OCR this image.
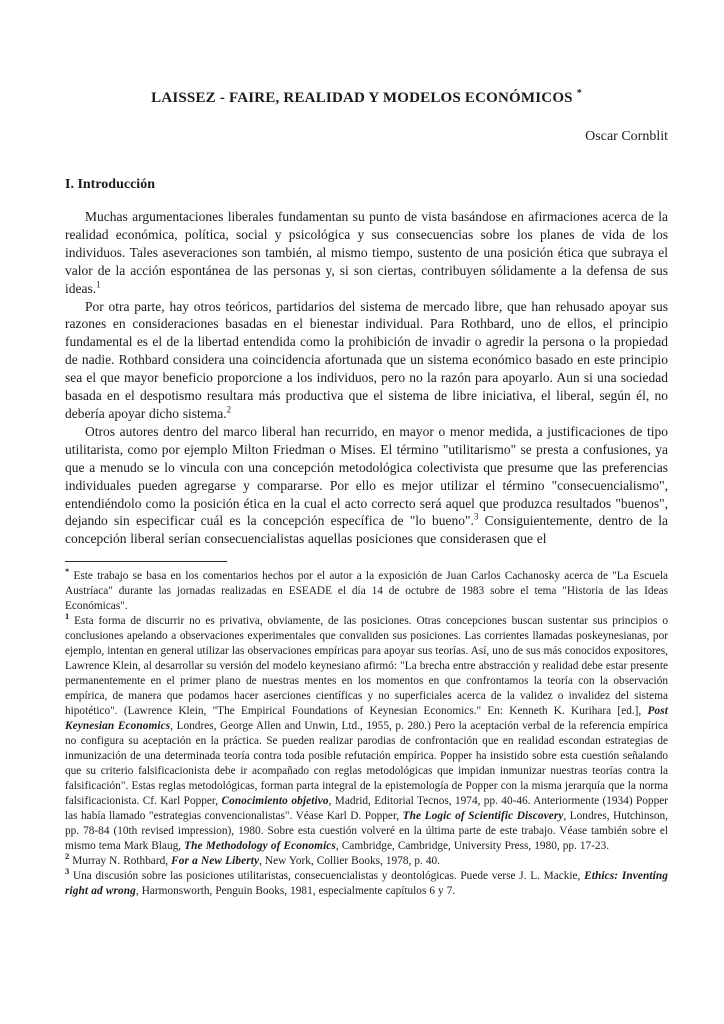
LAISSEZ - FAIRE, REALIDAD Y MODELOS ECONÓMICOS *
Oscar Cornblit
I. Introducción

Muchas argumentaciones liberales fundamentan su punto de vista basándose en afirmaciones acerca de la realidad económica, política, social y psicológica y sus consecuencias sobre los planes de vida de los individuos. Tales aseveraciones son también, al mismo tiempo, sustento de una posición ética que subraya el valor de la acción espontánea de las personas y, si son ciertas, contribuyen sólidamente a la defensa de sus ideas.$^1$

Por otra parte, hay otros teóricos, partidarios del sistema de mercado libre, que han rehusado apoyar sus razones en consideraciones basadas en el bienestar individual. Para Rothbard, uno de ellos, el principio fundamental es el de la libertad entendida como la prohibición de invadir o agredir la persona o la propiedad de nadie. Rothbard considera una coincidencia afortunada que un sistema económico basado en este principio sea el que mayor beneficio proporcione a los individuos, pero no la razón para apoyarlo. Aun si una sociedad basada en el despotismo resultara más productiva que el sistema de libre iniciativa, el liberal, según él, no debería apoyar dicho sistema.$^2$

Otros autores dentro del marco liberal han recurrido, en mayor o menor medida, a justificaciones de tipo utilitarista, como por ejemplo Milton Friedman o Mises. El término "utilitarismo" se presta a confusiones, ya que a menudo se lo vincula con una concepción metodológica colectivista que presume que las preferencias individuales pueden agregarse y compararse. Por ello es mejor utilizar el término "consecuencialismo", entendiéndolo como la posición ética en la cual el acto correcto será aquel que produzca resultados "buenos", dejando sin especificar cuál es la concepción específica de "lo bueno".$^3$ Consiguientemente, dentro de la concepción liberal serían consecuencialistas aquellas posiciones que considerasen que el

* Este trabajo se basa en los comentarios hechos por el autor a la exposición de Juan Carlos Cachanosky acerca de "La Escuela Austríaca" durante las jornadas realizadas en ESEADE el día 14 de octubre de 1983 sobre el tema "Historia de las Ideas Económicas".

$^1$ Esta forma de discurrir no es privativa, obviamente, de las posiciones. Otras concepciones buscan sustentar sus principios o conclusiones apelando a observaciones experimentales que convaliden sus posiciones. Las corrientes llamadas poskeynesianas, por ejemplo, intentan en general utilizar las observaciones empíricas para apoyar sus teorías. Así, uno de sus más conocidos expositores, Lawrence Klein, al desarrollar su versión del modelo keynesiano afirmó: "La brecha entre abstracción y realidad debe estar presente permanentemente en el primer plano de nuestras mentes en los momentos en que confrontamos la teoría con la observación empírica, de manera que podamos hacer aserciones científicas y no superficiales acerca de la validez o invalidez del sistema hipotético". (Lawrence Klein, "The Empirical Foundations of Keynesian Economics." En: Kenneth K. Kurihara [ed.], Post Keynesian Economics, Londres, George Allen and Unwin, Ltd., 1955, p. 280.) Pero la aceptación verbal de la referencia empírica no configura su aceptación en la práctica. Se pueden realizar parodias de confrontación que en realidad escondan estrategias de inmunización de una determinada teoría contra toda posible refutación empírica. Popper ha insistido sobre esta cuestión señalando que su criterio falsificacionista debe ir acompañado con reglas metodológicas que impidan inmunizar nuestras teorías contra la falsificación". Estas reglas metodológicas, forman parta integral de la epistemología de Popper con la misma jerarquía que la norma falsificacionista. Cf. Karl Popper, Conocimiento objetivo, Madrid, Editorial Tecnos, 1974, pp. 40-46. Anteriormente (1934) Popper las había llamado "estrategias convencionalistas". Véase Karl D. Popper, The Logic of Scientific Discovery, Londres, Hutchinson, pp. 78-84 (10th revised impression), 1980. Sobre esta cuestión volveré en la última parte de este trabajo. Véase también sobre el mismo tema Mark Blaug, The Methodology of Economics, Cambridge, Cambridge, University Press, 1980, pp. 17-23.

$^2$ Murray N. Rothbard, For a New Liberty, New York, Collier Books, 1978, p. 40.

$^3$ Una discusión sobre las posiciones utilitaristas, consecuencialistas y deontológicas. Puede verse J. L. Mackie, Ethics: Inventing right ad wrong, Harmonsworth, Penguin Books, 1981, especialmente capítulos 6 y 7.
